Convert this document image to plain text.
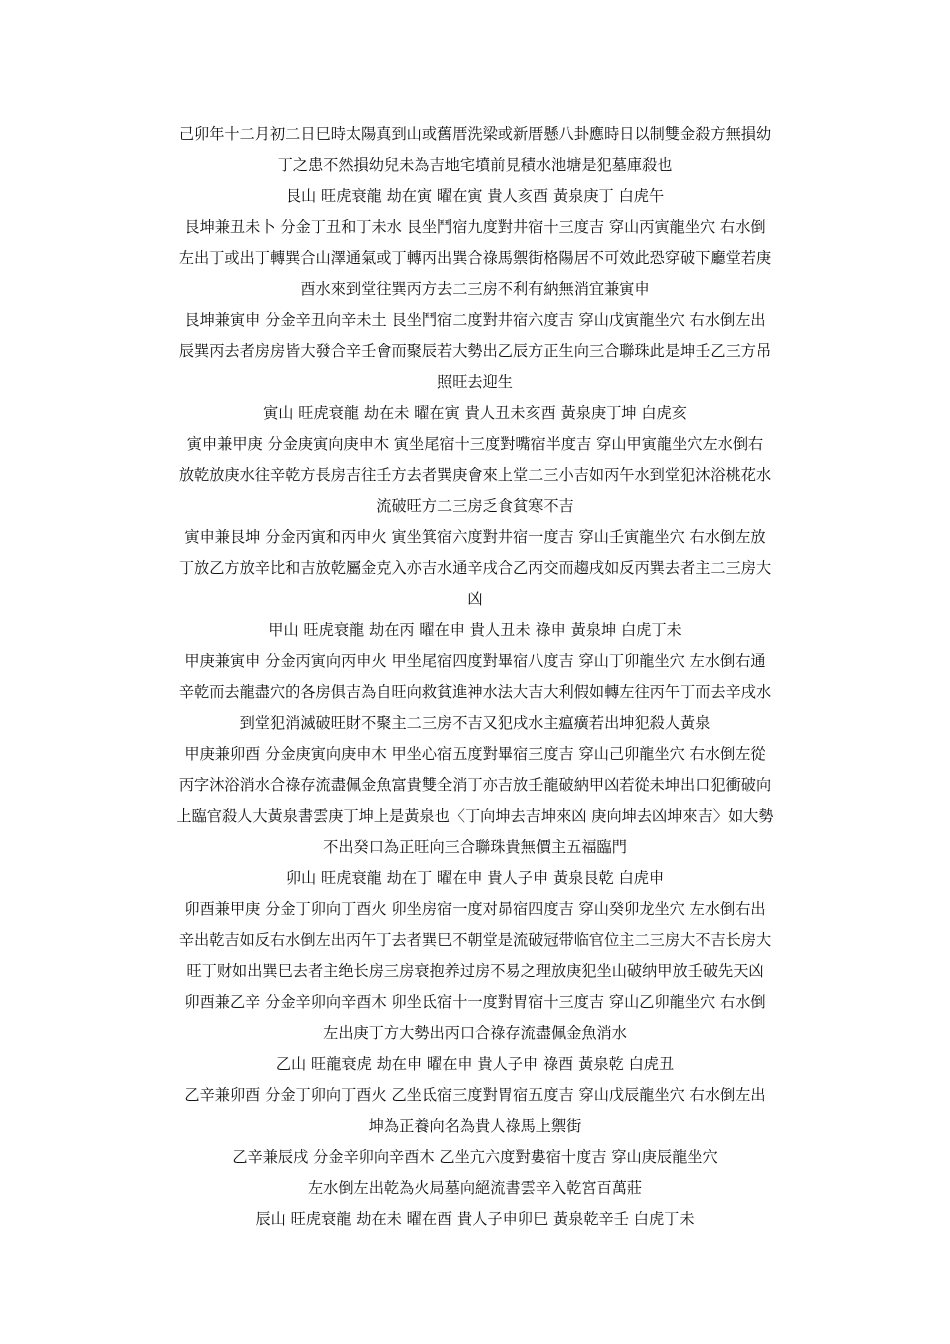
己卯年十二月初二日巳時太陽真到山或舊厝洗梁或新厝懸八卦應時日以制雙金殺方無損幼
丁之患不然損幼兒未為吉地宅墳前見積水池塘是犯墓庫殺也
艮山 旺虎衰龍 劫在寅 曜在寅 貴人亥酉 黃泉庚丁 白虎午
艮坤兼丑未卜 分金丁丑和丁未水 艮坐鬥宿九度對井宿十三度吉 穿山丙寅龍坐穴 右水倒
左出丁或出丁轉巽合山澤通氣或丁轉丙出巽合祿馬禦街格陽居不可效此恐穿破下廳堂若庚
酉水來到堂往巽丙方去二三房不利有納無消宜兼寅申
艮坤兼寅申 分金辛丑向辛未土 艮坐鬥宿二度對井宿六度吉 穿山戊寅龍坐穴 右水倒左出
辰巽丙去者房房皆大發合辛壬會而聚辰若大勢出乙辰方正生向三合聯珠此是坤壬乙三方吊
照旺去迎生
寅山 旺虎衰龍 劫在未 曜在寅 貴人丑未亥酉 黃泉庚丁坤 白虎亥
寅申兼甲庚 分金庚寅向庚申木 寅坐尾宿十三度對嘴宿半度吉 穿山甲寅龍坐穴左水倒右
放乾放庚水往辛乾方長房吉往壬方去者巽庚會來上堂二三小吉如丙午水到堂犯沐浴桃花水
流破旺方二三房乏食貧寒不吉
寅申兼艮坤 分金丙寅和丙申火 寅坐箕宿六度對井宿一度吉 穿山壬寅龍坐穴 右水倒左放
丁放乙方放辛比和吉放乾屬金克入亦吉水通辛戌合乙丙交而趨戌如反丙巽去者主二三房大
凶
甲山 旺虎衰龍 劫在丙 曜在申 貴人丑未 祿申 黃泉坤 白虎丁未
甲庚兼寅申 分金丙寅向丙申火 甲坐尾宿四度對畢宿八度吉 穿山丁卯龍坐穴 左水倒右通
辛乾而去龍盡穴的各房俱吉為自旺向救貧進神水法大吉大利假如轉左往丙午丁而去辛戌水
到堂犯消滅破旺財不聚主二三房不吉又犯戌水主瘟癀若出坤犯殺人黃泉
甲庚兼卯酉 分金庚寅向庚申木 甲坐心宿五度對畢宿三度吉 穿山己卯龍坐穴 右水倒左從
丙字沐浴消水合祿存流盡佩金魚富貴雙全消丁亦吉放壬龍破納甲凶若從未坤出口犯衝破向
上臨官殺人大黃泉書雲庚丁坤上是黃泉也〈丁向坤去吉坤來凶 庚向坤去凶坤來吉〉如大勢
不出癸口為正旺向三合聯珠貴無價主五福臨門
卯山 旺虎衰龍 劫在丁 曜在申 貴人子申 黃泉艮乾 白虎申
卯酉兼甲庚 分金丁卯向丁酉火 卯坐房宿一度对昴宿四度吉 穿山癸卯龙坐穴 左水倒右出
辛出乾吉如反右水倒左出丙午丁去者巽巳不朝堂是流破冠带临官位主二三房大不吉长房大
旺丁财如出巽巳去者主绝长房三房衰抱养过房不易之理放庚犯坐山破纳甲放壬破先天凶
卯酉兼乙辛 分金辛卯向辛酉木 卯坐氐宿十一度對胃宿十三度吉 穿山乙卯龍坐穴 右水倒
左出庚丁方大勢出丙口合祿存流盡佩金魚消水
乙山 旺龍衰虎 劫在申 曜在申 貴人子申 祿酉 黃泉乾 白虎丑
乙辛兼卯酉 分金丁卯向丁酉火 乙坐氐宿三度對胃宿五度吉 穿山戊辰龍坐穴 右水倒左出
坤為正養向名為貴人祿馬上禦街
乙辛兼辰戌 分金辛卯向辛酉木 乙坐亢六度對婁宿十度吉 穿山庚辰龍坐穴
左水倒左出乾為火局墓向絕流書雲辛入乾宮百萬莊
辰山 旺虎衰龍 劫在未 曜在酉 貴人子申卯巳 黃泉乾辛壬 白虎丁未
